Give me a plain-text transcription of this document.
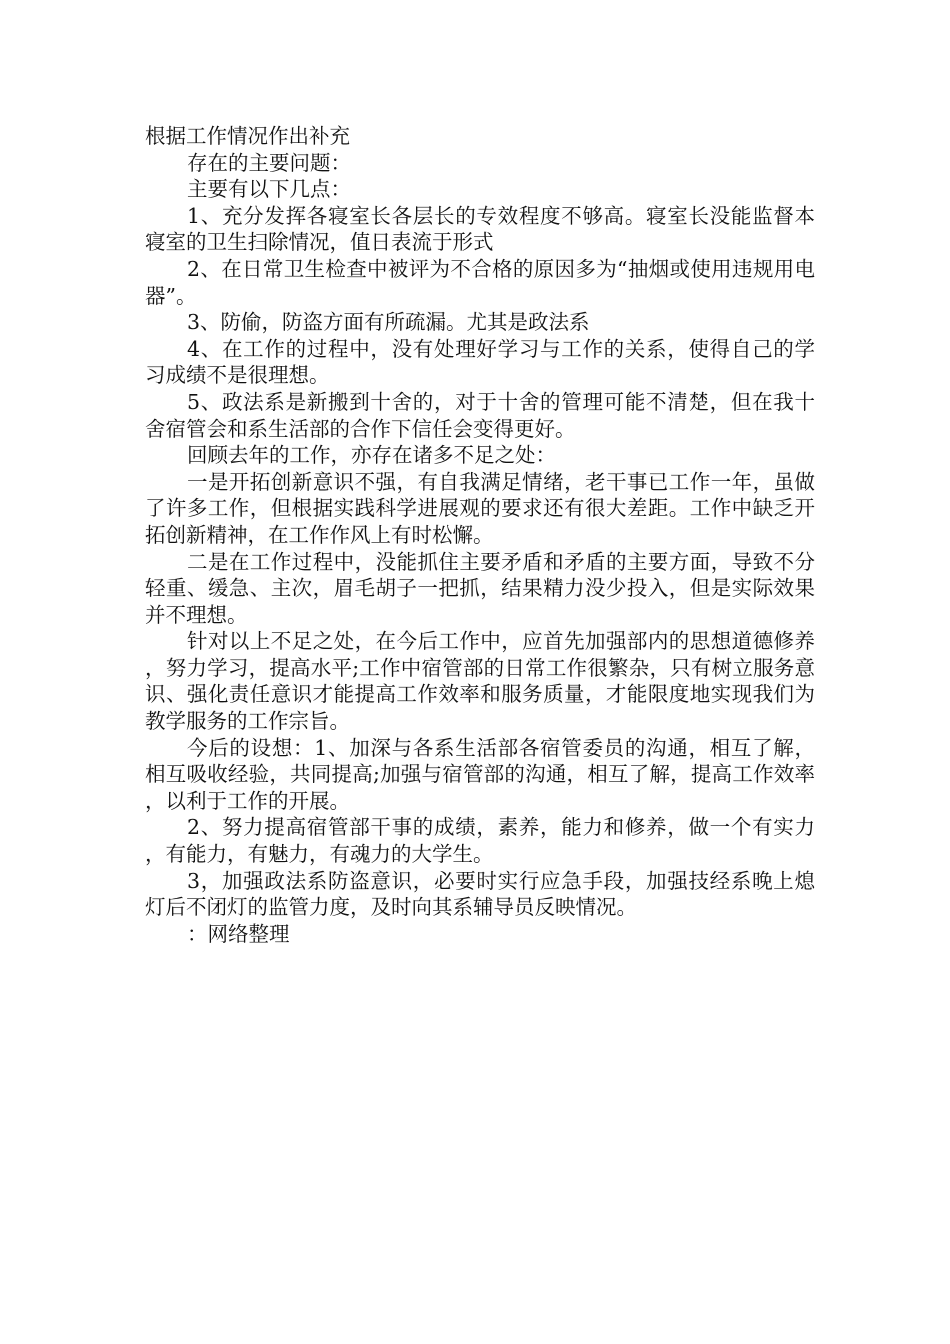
根据工作情况作出补充

存在的主要问题：

主要有以下几点：

1、充分发挥各寝室长各层长的专效程度不够高。寝室长没能监督本寝室的卫生扫除情况，值日表流于形式

2、在日常卫生检查中被评为不合格的原因多为“抽烟或使用违规用电器”。

3、防偷，防盗方面有所疏漏。尤其是政法系

4、在工作的过程中，没有处理好学习与工作的关系，使得自己的学习成绩不是很理想。

5、政法系是新搬到十舍的，对于十舍的管理可能不清楚，但在我十舍宿管会和系生活部的合作下信任会变得更好。

回顾去年的工作，亦存在诸多不足之处：

一是开拓创新意识不强，有自我满足情绪，老干事已工作一年，虽做了许多工作，但根据实践科学进展观的要求还有很大差距。工作中缺乏开拓创新精神，在工作作风上有时松懈。

二是在工作过程中，没能抓住主要矛盾和矛盾的主要方面，导致不分轻重、缓急、主次，眉毛胡子一把抓，结果精力没少投入，但是实际效果并不理想。

针对以上不足之处，在今后工作中，应首先加强部内的思想道德修养，努力学习，提高水平;工作中宿管部的日常工作很繁杂，只有树立服务意识、强化责任意识才能提高工作效率和服务质量，才能限度地实现我们为教学服务的工作宗旨。

今后的设想：1、加深与各系生活部各宿管委员的沟通，相互了解，相互吸收经验，共同提高;加强与宿管部的沟通，相互了解，提高工作效率，以利于工作的开展。

2、努力提高宿管部干事的成绩，素养，能力和修养，做一个有实力，有能力，有魅力，有魂力的大学生。

3，加强政法系防盗意识，必要时实行应急手段，加强技经系晚上熄灯后不闭灯的监管力度，及时向其系辅导员反映情况。

：网络整理
